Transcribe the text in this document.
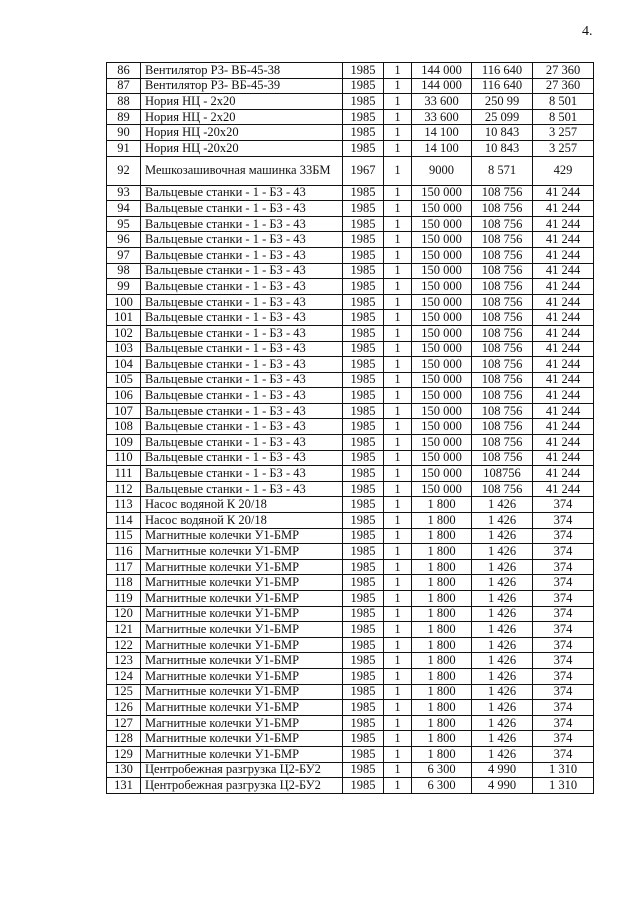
4.
86	Вентилятор РЗ- ВБ-45-38	1985	1	144 000	116 640	27 360
87	Вентилятор РЗ- ВБ-45-39	1985	1	144 000	116 640	27 360
88	Нория НЦ - 2х20	1985	1	33 600	250 99	8 501
89	Нория НЦ - 2х20	1985	1	33 600	25 099	8 501
90	Нория НЦ -20х20	1985	1	14 100	10 843	3 257
91	Нория НЦ -20х20	1985	1	14 100	10 843	3 257
92	Мешкозашивочная машинка 33БМ	1967	1	9000	8 571	429
93	Вальцевые станки - 1 - БЗ - 43	1985	1	150 000	108 756	41 244
94	Вальцевые станки - 1 - БЗ - 43	1985	1	150 000	108 756	41 244
95	Вальцевые станки - 1 - БЗ - 43	1985	1	150 000	108 756	41 244
96	Вальцевые станки - 1 - БЗ - 43	1985	1	150 000	108 756	41 244
97	Вальцевые станки - 1 - БЗ - 43	1985	1	150 000	108 756	41 244
98	Вальцевые станки - 1 - БЗ - 43	1985	1	150 000	108 756	41 244
99	Вальцевые станки - 1 - БЗ - 43	1985	1	150 000	108 756	41 244
100	Вальцевые станки - 1 - БЗ - 43	1985	1	150 000	108 756	41 244
101	Вальцевые станки - 1 - БЗ - 43	1985	1	150 000	108 756	41 244
102	Вальцевые станки - 1 - БЗ - 43	1985	1	150 000	108 756	41 244
103	Вальцевые станки - 1 - БЗ - 43	1985	1	150 000	108 756	41 244
104	Вальцевые станки - 1 - БЗ - 43	1985	1	150 000	108 756	41 244
105	Вальцевые станки - 1 - БЗ - 43	1985	1	150 000	108 756	41 244
106	Вальцевые станки - 1 - БЗ - 43	1985	1	150 000	108 756	41 244
107	Вальцевые станки - 1 - БЗ - 43	1985	1	150 000	108 756	41 244
108	Вальцевые станки - 1 - БЗ - 43	1985	1	150 000	108 756	41 244
109	Вальцевые станки - 1 - БЗ - 43	1985	1	150 000	108 756	41 244
110	Вальцевые станки - 1 - БЗ - 43	1985	1	150 000	108 756	41 244
111	Вальцевые станки - 1 - БЗ - 43	1985	1	150 000	108756	41 244
112	Вальцевые станки - 1 - БЗ - 43	1985	1	150 000	108 756	41 244
113	Насос водяной К 20/18	1985	1	1 800	1 426	374
114	Насос водяной К 20/18	1985	1	1 800	1 426	374
115	Магнитные колечки У1-БМР	1985	1	1 800	1 426	374
116	Магнитные колечки У1-БМР	1985	1	1 800	1 426	374
117	Магнитные колечки У1-БМР	1985	1	1 800	1 426	374
118	Магнитные колечки У1-БМР	1985	1	1 800	1 426	374
119	Магнитные колечки У1-БМР	1985	1	1 800	1 426	374
120	Магнитные колечки У1-БМР	1985	1	1 800	1 426	374
121	Магнитные колечки У1-БМР	1985	1	1 800	1 426	374
122	Магнитные колечки У1-БМР	1985	1	1 800	1 426	374
123	Магнитные колечки У1-БМР	1985	1	1 800	1 426	374
124	Магнитные колечки У1-БМР	1985	1	1 800	1 426	374
125	Магнитные колечки У1-БМР	1985	1	1 800	1 426	374
126	Магнитные колечки У1-БМР	1985	1	1 800	1 426	374
127	Магнитные колечки У1-БМР	1985	1	1 800	1 426	374
128	Магнитные колечки У1-БМР	1985	1	1 800	1 426	374
129	Магнитные колечки У1-БМР	1985	1	1 800	1 426	374
130	Центробежная разгрузка Ц2-БУ2	1985	1	6 300	4 990	1 310
131	Центробежная разгрузка Ц2-БУ2	1985	1	6 300	4 990	1 310
